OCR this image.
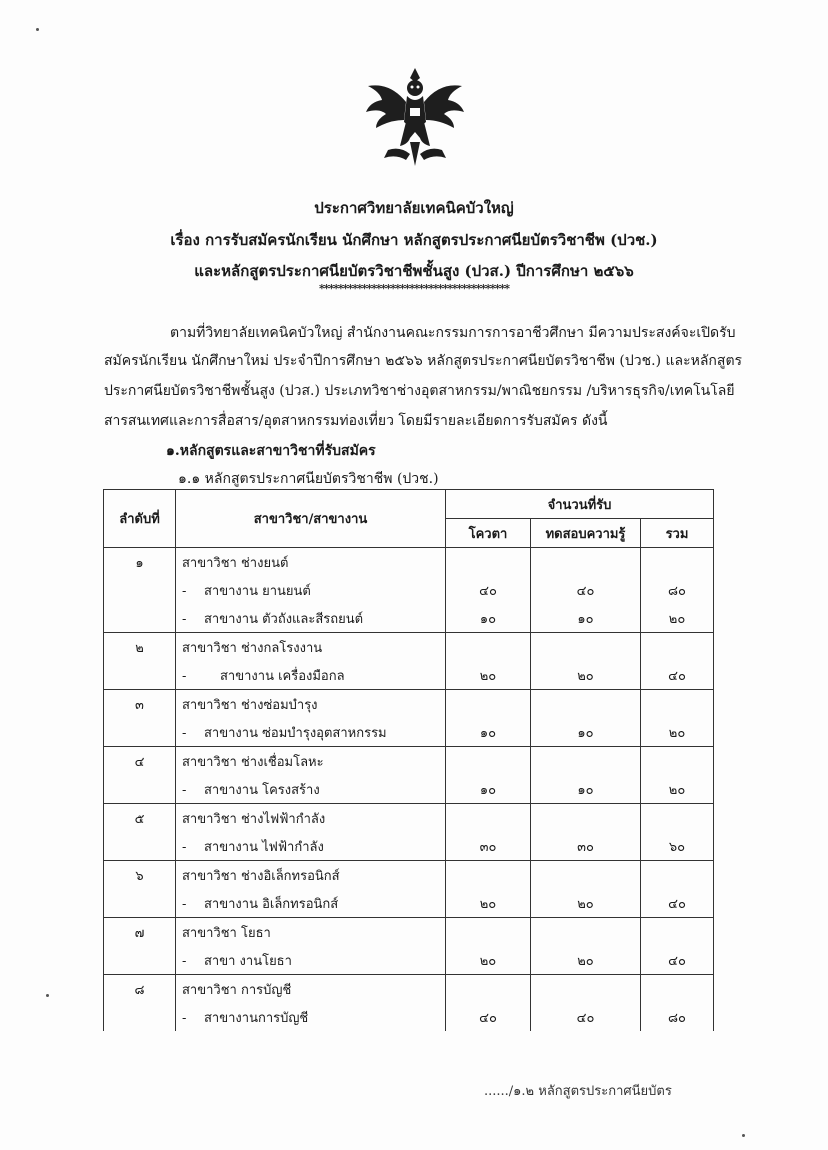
ประกาศวิทยาลัยเทคนิคบัวใหญ่
เรื่อง การรับสมัครนักเรียน นักศึกษา หลักสูตรประกาศนียบัตรวิชาชีพ (ปวช.)
และหลักสูตรประกาศนียบัตรวิชาชีพชั้นสูง (ปวส.) ปีการศึกษา ๒๕๖๖
****************************************
ตามที่วิทยาลัยเทคนิคบัวใหญ่ สำนักงานคณะกรรมการการอาชีวศึกษา มีความประสงค์จะเปิดรับ
สมัครนักเรียน นักศึกษาใหม่ ประจำปีการศึกษา ๒๕๖๖ หลักสูตรประกาศนียบัตรวิชาชีพ (ปวช.) และหลักสูตร
ประกาศนียบัตรวิชาชีพชั้นสูง (ปวส.) ประเภทวิชาช่างอุตสาหกรรม/พาณิชยกรรม /บริหารธุรกิจ/เทคโนโลยี
สารสนเทศและการสื่อสาร/อุตสาหกรรมท่องเที่ยว โดยมีรายละเอียดการรับสมัคร ดังนี้
๑.หลักสูตรและสาขาวิชาที่รับสมัคร
๑.๑ หลักสูตรประกาศนียบัตรวิชาชีพ (ปวช.)
ลำดับที่	สาขาวิชา/สาขางาน	จำนวนที่รับ		
		โควตา	ทดสอบความรู้	รวม
๑	สาขาวิชา ช่างยนต์			
	- สาขางาน ยานยนต์	๔๐	๔๐	๘๐
	- สาขางาน ตัวถังและสีรถยนต์	๑๐	๑๐	๒๐
๒	สาขาวิชา ช่างกลโรงงาน			
	- สาขางาน เครื่องมือกล	๒๐	๒๐	๔๐
๓	สาขาวิชา ช่างซ่อมบำรุง			
	- สาขางาน ซ่อมบำรุงอุตสาหกรรม	๑๐	๑๐	๒๐
๔	สาขาวิชา ช่างเชื่อมโลหะ			
	- สาขางาน โครงสร้าง	๑๐	๑๐	๒๐
๕	สาขาวิชา ช่างไฟฟ้ากำลัง			
	- สาขางาน ไฟฟ้ากำลัง	๓๐	๓๐	๖๐
๖	สาขาวิชา ช่างอิเล็กทรอนิกส์			
	- สาขางาน อิเล็กทรอนิกส์	๒๐	๒๐	๔๐
๗	สาขาวิชา โยธา			
	- สาขา งานโยธา	๒๐	๒๐	๔๐
๘	สาขาวิชา การบัญชี			
	- สาขางานการบัญชี	๔๐	๔๐	๘๐
....../๑.๒ หลักสูตรประกาศนียบัตร
